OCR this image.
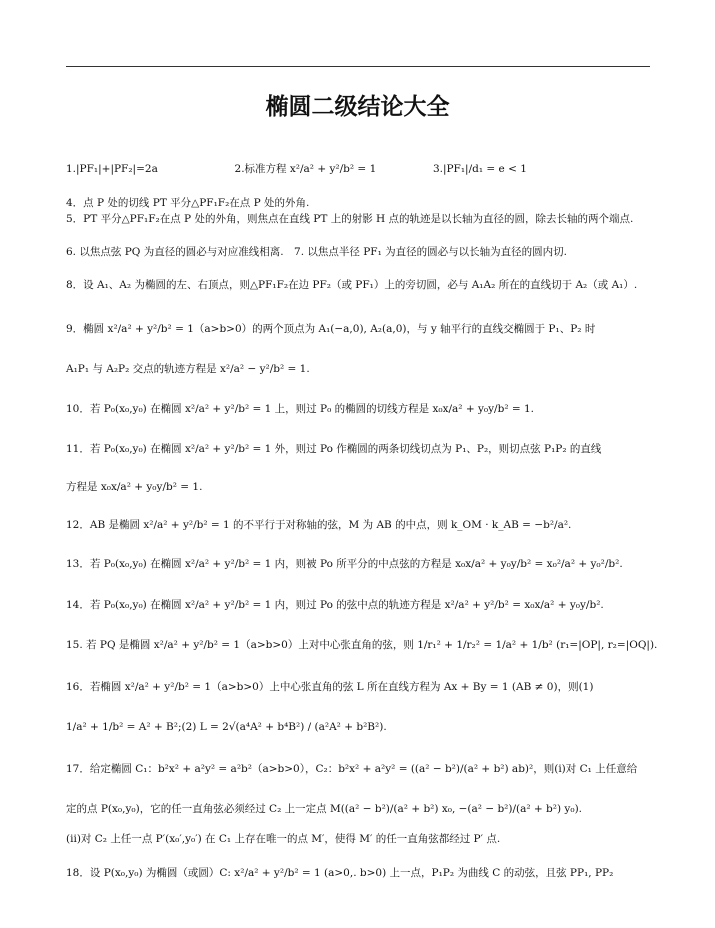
椭圆二级结论大全
1.|PF₁|+|PF₂|=2a	2.标准方程 x²/a² + y²/b² = 1	3.|PF₁|/d₁ = e < 1
4．点 P 处的切线 PT 平分△PF₁F₂在点 P 处的外角.
5．PT 平分△PF₁F₂在点 P 处的外角，则焦点在直线 PT 上的射影 H 点的轨迹是以长轴为直径的圆，除去长轴的两个端点.
6. 以焦点弦 PQ 为直径的圆必与对应准线相离.　7. 以焦点半径 PF₁ 为直径的圆必与以长轴为直径的圆内切.
8．设 A₁、A₂ 为椭圆的左、右顶点，则△PF₁F₂在边 PF₂（或 PF₁）上的旁切圆，必与 A₁A₂ 所在的直线切于 A₂（或 A₁）.
9．椭圆 x²/a² + y²/b² = 1（a>b>0）的两个顶点为 A₁(−a,0), A₂(a,0)，与 y 轴平行的直线交椭圆于 P₁、P₂ 时
A₁P₁ 与 A₂P₂ 交点的轨迹方程是 x²/a² − y²/b² = 1.
10．若 P₀(x₀,y₀) 在椭圆 x²/a² + y²/b² = 1 上，则过 P₀ 的椭圆的切线方程是 x₀x/a² + y₀y/b² = 1.
11．若 P₀(x₀,y₀) 在椭圆 x²/a² + y²/b² = 1 外，则过 Po 作椭圆的两条切线切点为 P₁、P₂，则切点弦 P₁P₂ 的直线
方程是 x₀x/a² + y₀y/b² = 1.
12．AB 是椭圆 x²/a² + y²/b² = 1 的不平行于对称轴的弦，M 为 AB 的中点，则 k_OM · k_AB = −b²/a².
13．若 P₀(x₀,y₀) 在椭圆 x²/a² + y²/b² = 1 内，则被 Po 所平分的中点弦的方程是 x₀x/a² + y₀y/b² = x₀²/a² + y₀²/b².
14．若 P₀(x₀,y₀) 在椭圆 x²/a² + y²/b² = 1 内，则过 Po 的弦中点的轨迹方程是 x²/a² + y²/b² = x₀x/a² + y₀y/b².
15. 若 PQ 是椭圆 x²/a² + y²/b² = 1（a>b>0）上对中心张直角的弦，则 1/r₁² + 1/r₂² = 1/a² + 1/b² (r₁=|OP|, r₂=|OQ|).
16．若椭圆 x²/a² + y²/b² = 1（a>b>0）上中心张直角的弦 L 所在直线方程为 Ax + By = 1 (AB ≠ 0)，则(1)
1/a² + 1/b² = A² + B²;(2) L = 2√(a⁴A² + b⁴B²) / (a²A² + b²B²).
17．给定椭圆 C₁：b²x² + a²y² = a²b²（a>b>0），C₂：b²x² + a²y² = ((a² − b²)/(a² + b²) ab)²，则(i)对 C₁ 上任意给
定的点 P(x₀,y₀)，它的任一直角弦必须经过 C₂ 上一定点 M((a² − b²)/(a² + b²) x₀, −(a² − b²)/(a² + b²) y₀).
(ii)对 C₂ 上任一点 P′(x₀′,y₀′) 在 C₁ 上存在唯一的点 M′，使得 M′ 的任一直角弦都经过 P′ 点.
18．设 P(x₀,y₀) 为椭圆（或圆）C: x²/a² + y²/b² = 1 (a>0,. b>0) 上一点，P₁P₂ 为曲线 C 的动弦，且弦 PP₁, PP₂
